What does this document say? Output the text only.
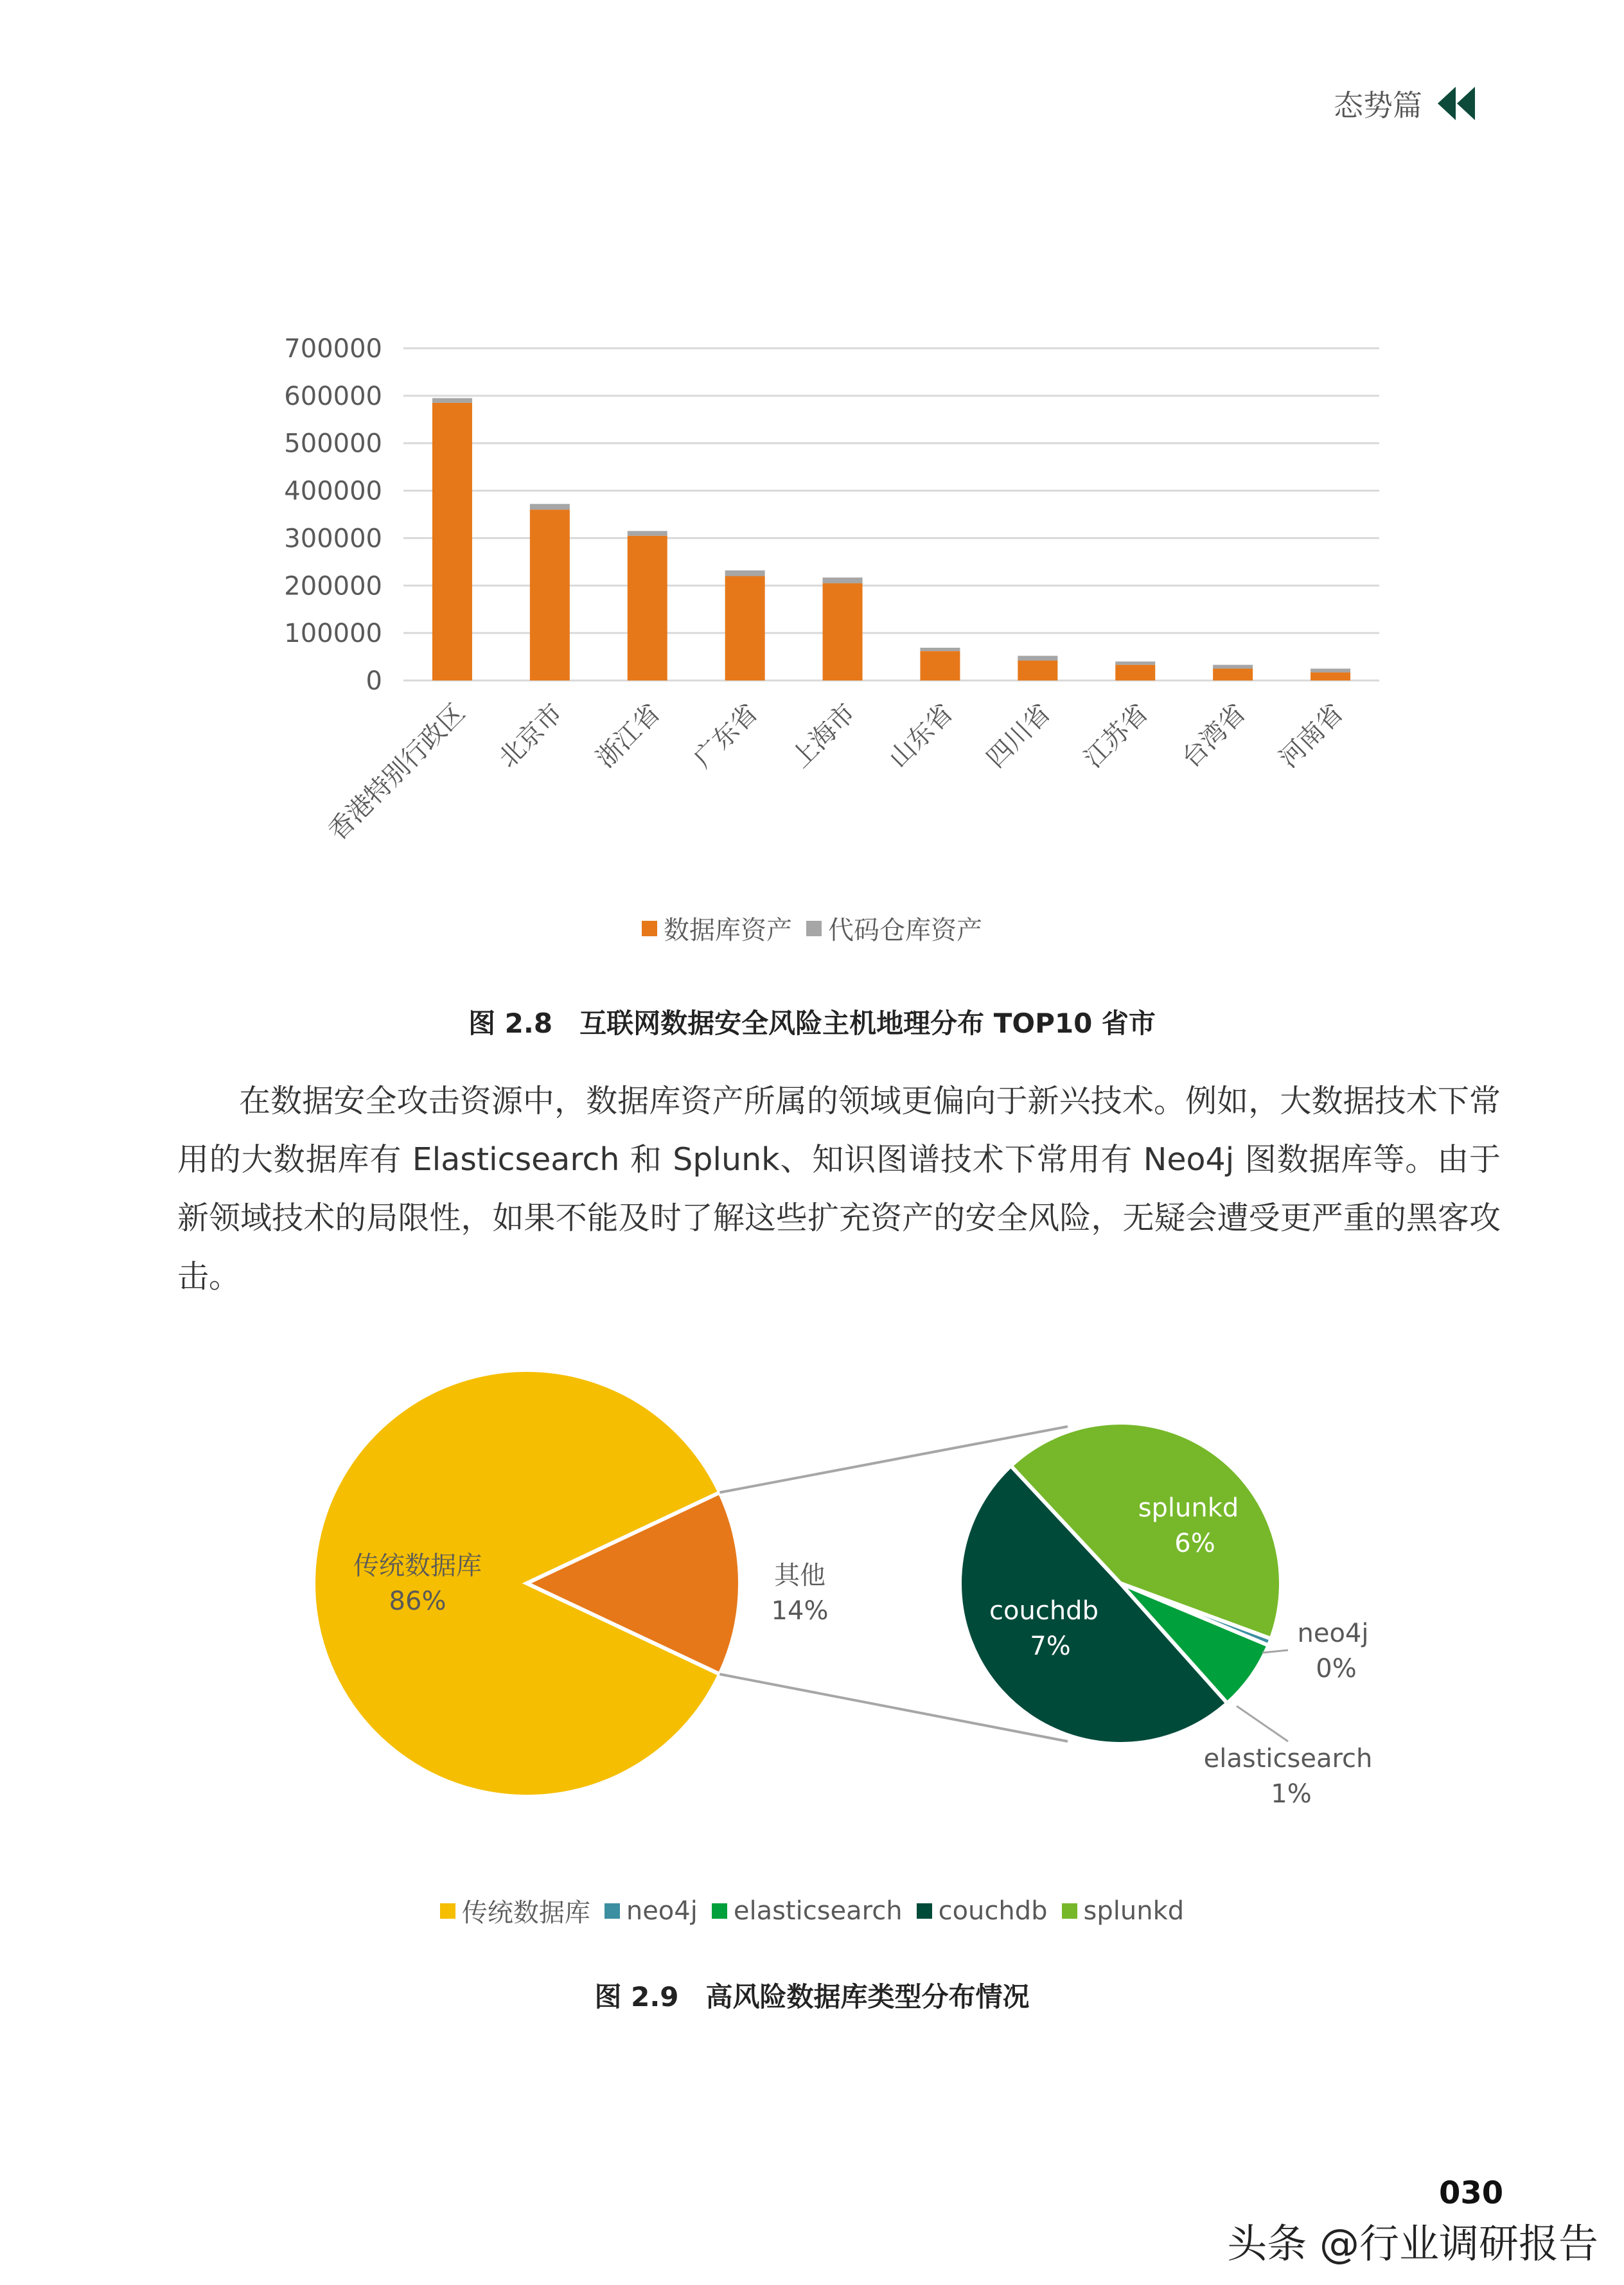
态势篇
0
100000
200000
300000
400000
500000
600000
700000
香港特别行政区 北京市 浙江省 广东省 上海市 山东省 四川省 江苏省 台湾省 河南省
数据库资产 代码仓库资产
图 2.8　互联网数据安全风险主机地理分布 TOP10 省市

在数据安全攻击资源中，数据库资产所属的领域更偏向于新兴技术。例如，大数据技术下常用的大数据库有 Elasticsearch 和 Splunk、知识图谱技术下常用有 Neo4j 图数据库等。由于新领域技术的局限性，如果不能及时了解这些扩充资产的安全风险，无疑会遭受更严重的黑客攻击。

传统数据库
86%
其他
14%
splunkd
6%
couchdb
7%	neo4j
0%
elasticsearch
1%
传统数据库 neo4j elasticsearch couchdb splunkd
图 2.9　高风险数据库类型分布情况
030
头条 @行业调研报告
